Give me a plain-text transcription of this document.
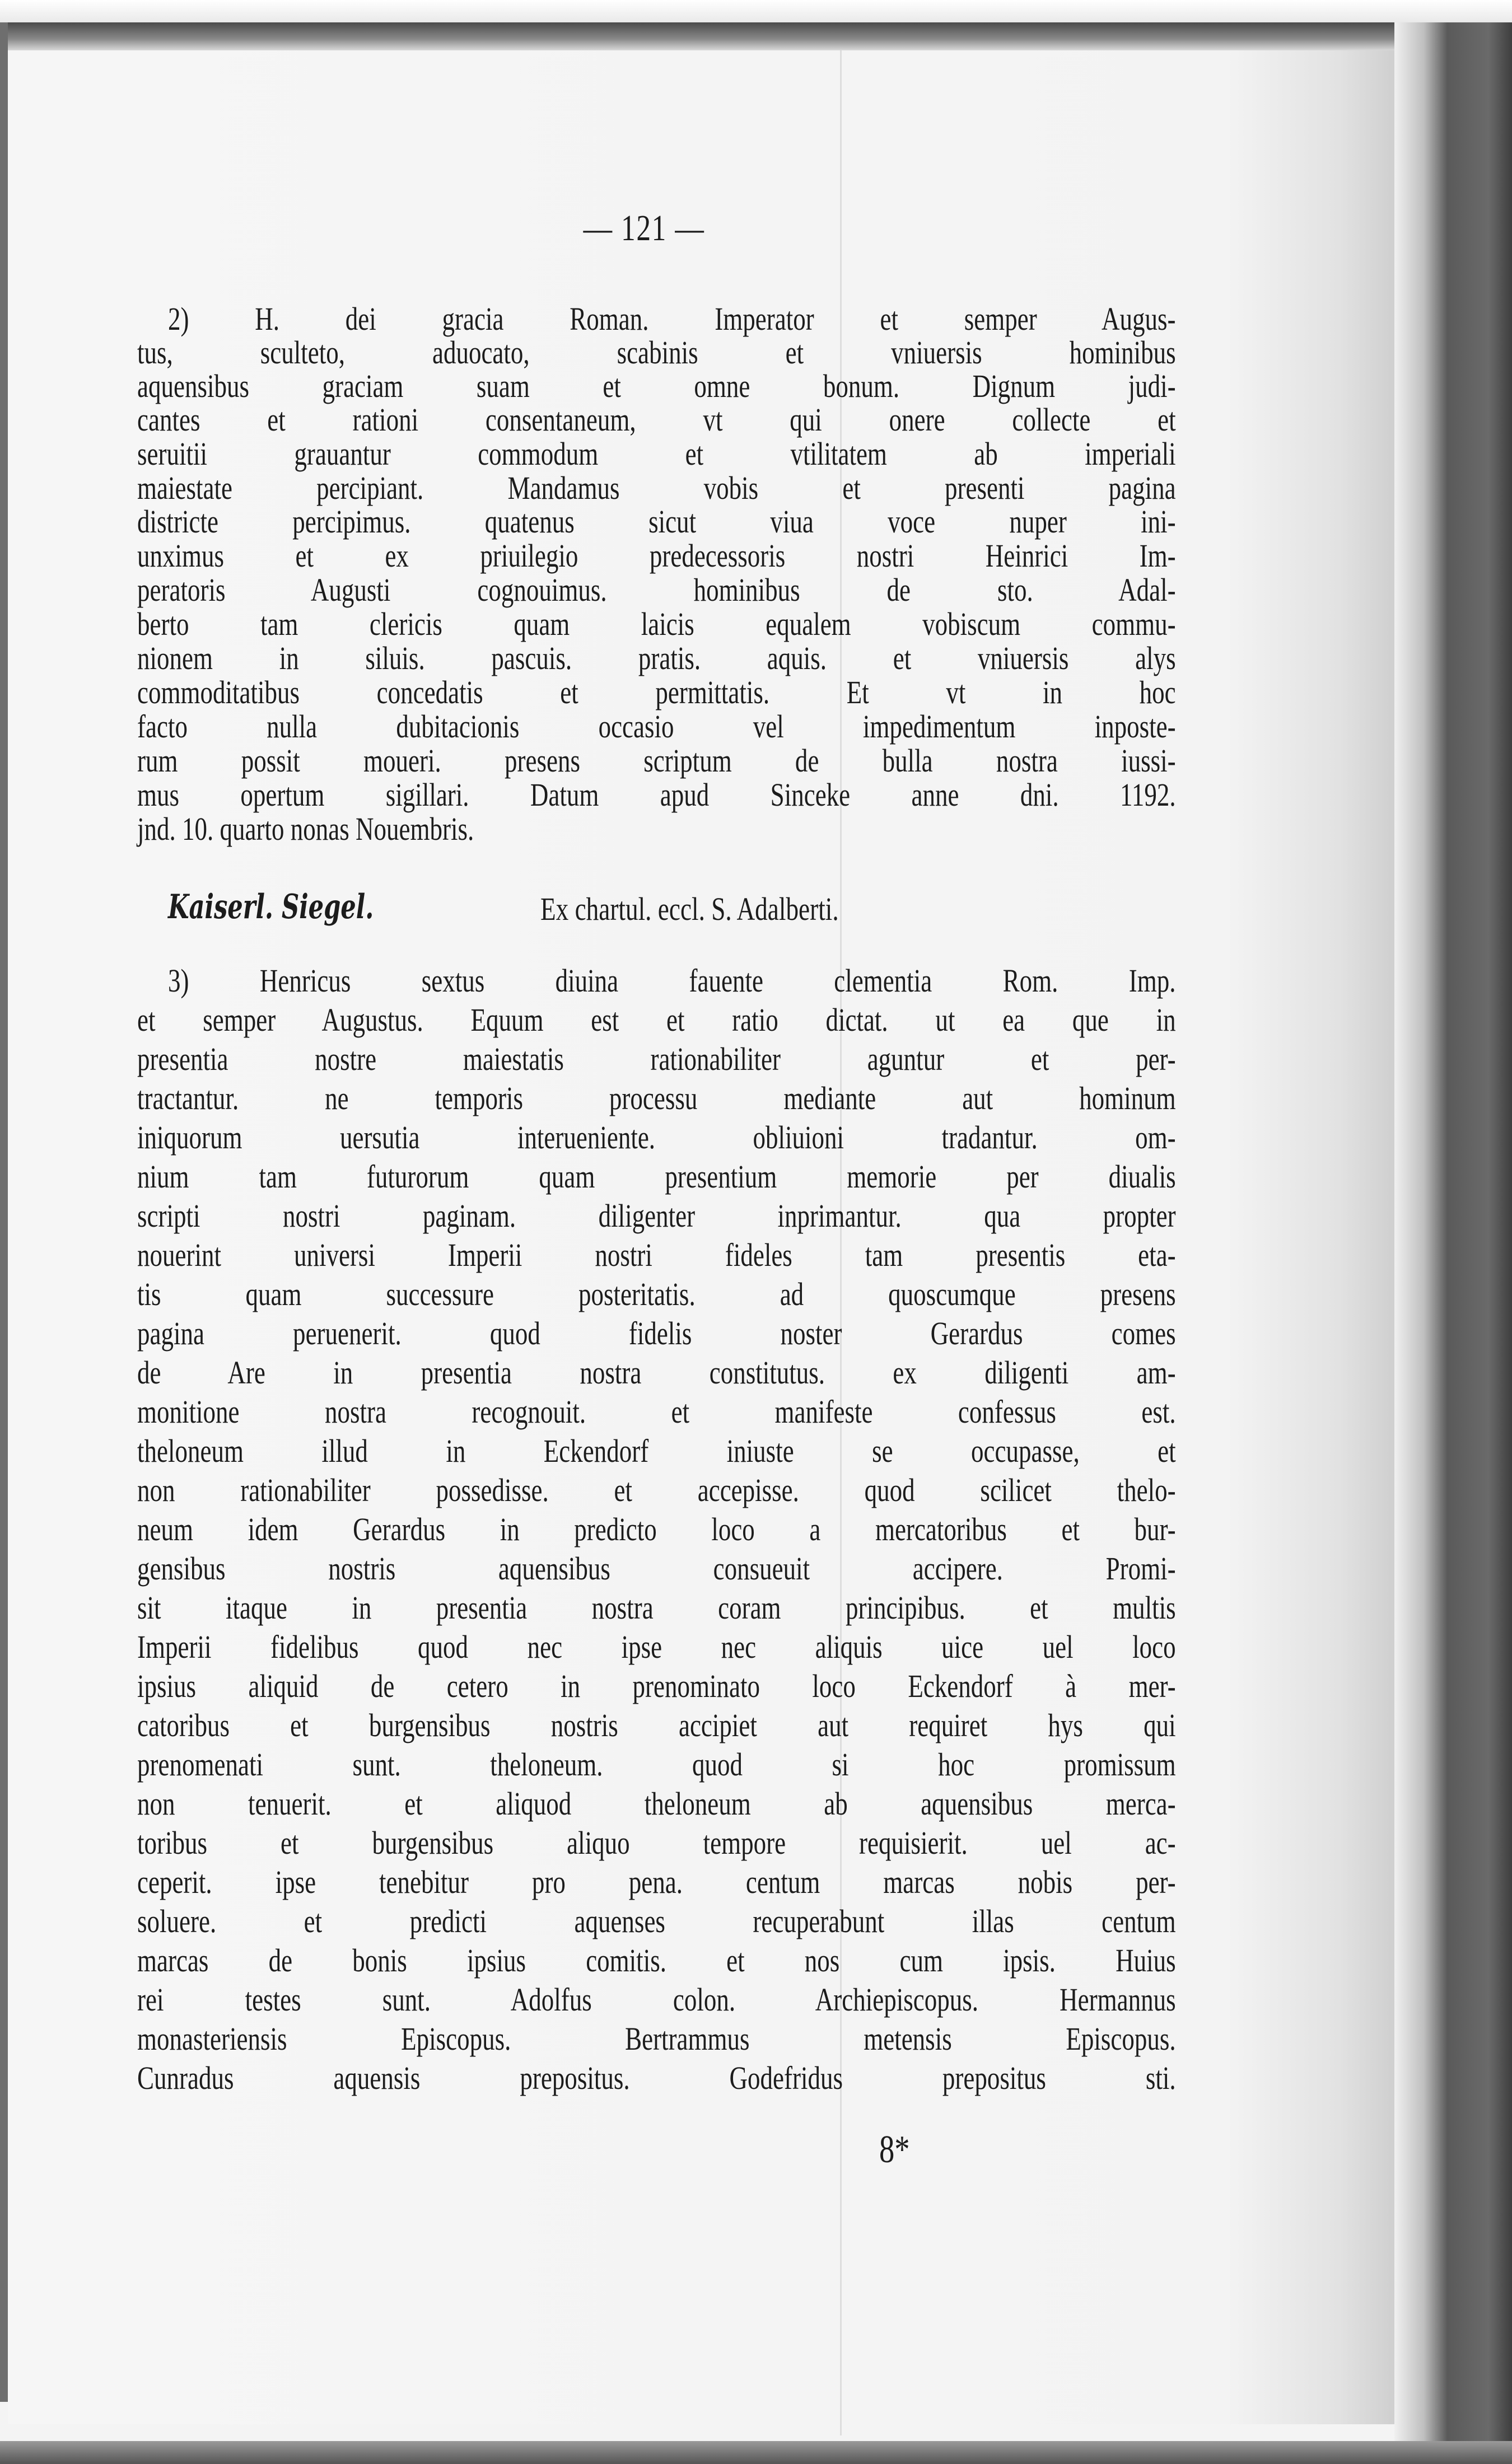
— 121 —
2) H. dei gracia Roman. Imperator et semper Augus-
tus, sculteto, aduocato, scabinis et vniuersis hominibus
aquensibus graciam suam et omne bonum. Dignum judi-
cantes et rationi consentaneum, vt qui onere collecte et
seruitii grauantur commodum et vtilitatem ab imperiali
maiestate percipiant. Mandamus vobis et presenti pagina
districte percipimus. quatenus sicut viua voce nuper ini-
unximus et ex priuilegio predecessoris nostri Heinrici Im-
peratoris Augusti cognouimus. hominibus de sto. Adal-
berto tam clericis quam laicis equalem vobiscum commu-
nionem in siluis. pascuis. pratis. aquis. et vniuersis alys
commoditatibus concedatis et permittatis. Et vt in hoc
facto nulla dubitacionis occasio vel impedimentum inposte-
rum possit moueri. presens scriptum de bulla nostra iussi-
mus opertum sigillari. Datum apud Sinceke anne dni. 1192.
jnd. 10. quarto nonas Nouembris.
Kaiserl. Siegel.	Ex chartul. eccl. S. Adalberti.
3) Henricus sextus diuina fauente clementia Rom. Imp.
et semper Augustus. Equum est et ratio dictat. ut ea que in
presentia nostre maiestatis rationabiliter aguntur et per-
tractantur. ne temporis processu mediante aut hominum
iniquorum uersutia interueniente. obliuioni tradantur. om-
nium tam futurorum quam presentium memorie per diualis
scripti nostri paginam. diligenter inprimantur. qua propter
nouerint universi Imperii nostri fideles tam presentis eta-
tis quam successure posteritatis. ad quoscumque presens
pagina peruenerit. quod fidelis noster Gerardus comes
de Are in presentia nostra constitutus. ex diligenti am-
monitione nostra recognouit. et manifeste confessus est.
theloneum illud in Eckendorf iniuste se occupasse, et
non rationabiliter possedisse. et accepisse. quod scilicet thelo-
neum idem Gerardus in predicto loco a mercatoribus et bur-
gensibus nostris aquensibus consueuit accipere. Promi-
sit itaque in presentia nostra coram principibus. et multis
Imperii fidelibus quod nec ipse nec aliquis uice uel loco
ipsius aliquid de cetero in prenominato loco Eckendorf à mer-
catoribus et burgensibus nostris accipiet aut requiret hys qui
prenomenati sunt. theloneum. quod si hoc promissum
non tenuerit. et aliquod theloneum ab aquensibus merca-
toribus et burgensibus aliquo tempore requisierit. uel ac-
ceperit. ipse tenebitur pro pena. centum marcas nobis per-
soluere. et predicti aquenses recuperabunt illas centum
marcas de bonis ipsius comitis. et nos cum ipsis. Huius
rei testes sunt. Adolfus colon. Archiepiscopus. Hermannus
monasteriensis Episcopus. Bertrammus metensis Episcopus.
Cunradus aquensis prepositus. Godefridus prepositus sti.
8*
